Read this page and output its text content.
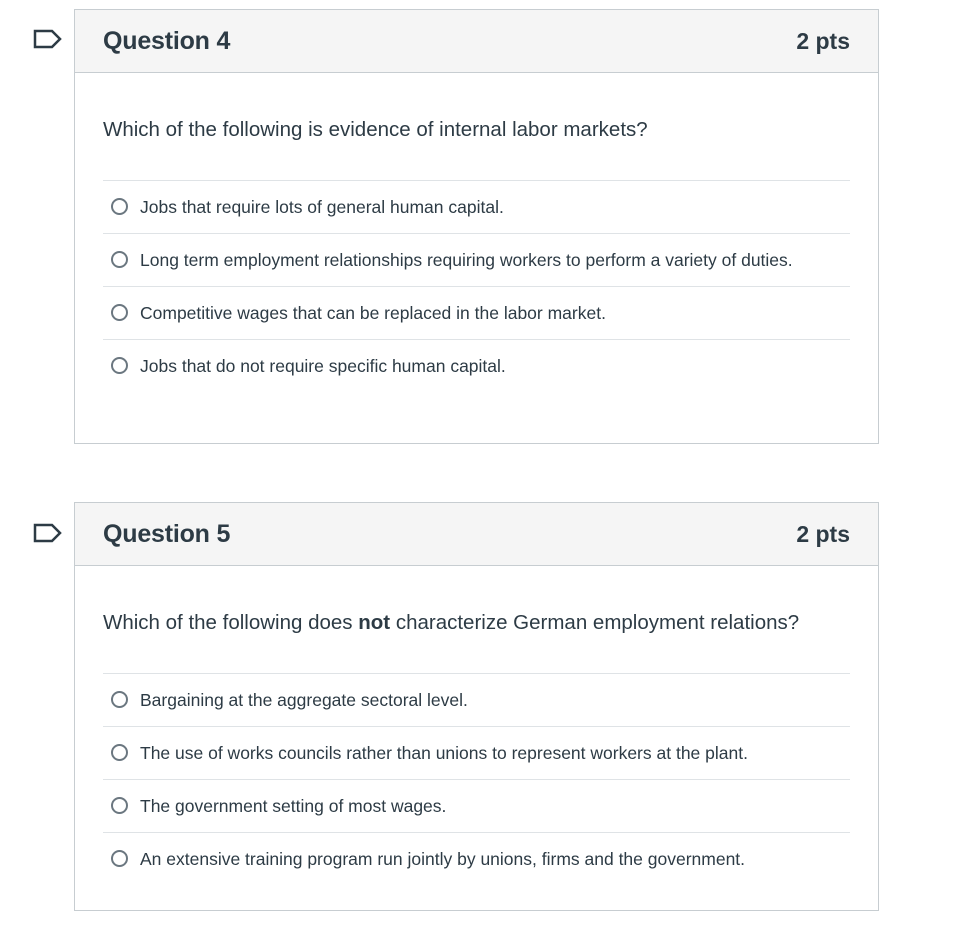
Question 4	2 pts

Which of the following is evidence of internal labor markets?

Jobs that require lots of general human capital.
Long term employment relationships requiring workers to perform a variety of duties.
Competitive wages that can be replaced in the labor market.
Jobs that do not require specific human capital.
Question 5	2 pts

Which of the following does not characterize German employment relations?

Bargaining at the aggregate sectoral level.
The use of works councils rather than unions to represent workers at the plant.
The government setting of most wages.
An extensive training program run jointly by unions, firms and the government.
